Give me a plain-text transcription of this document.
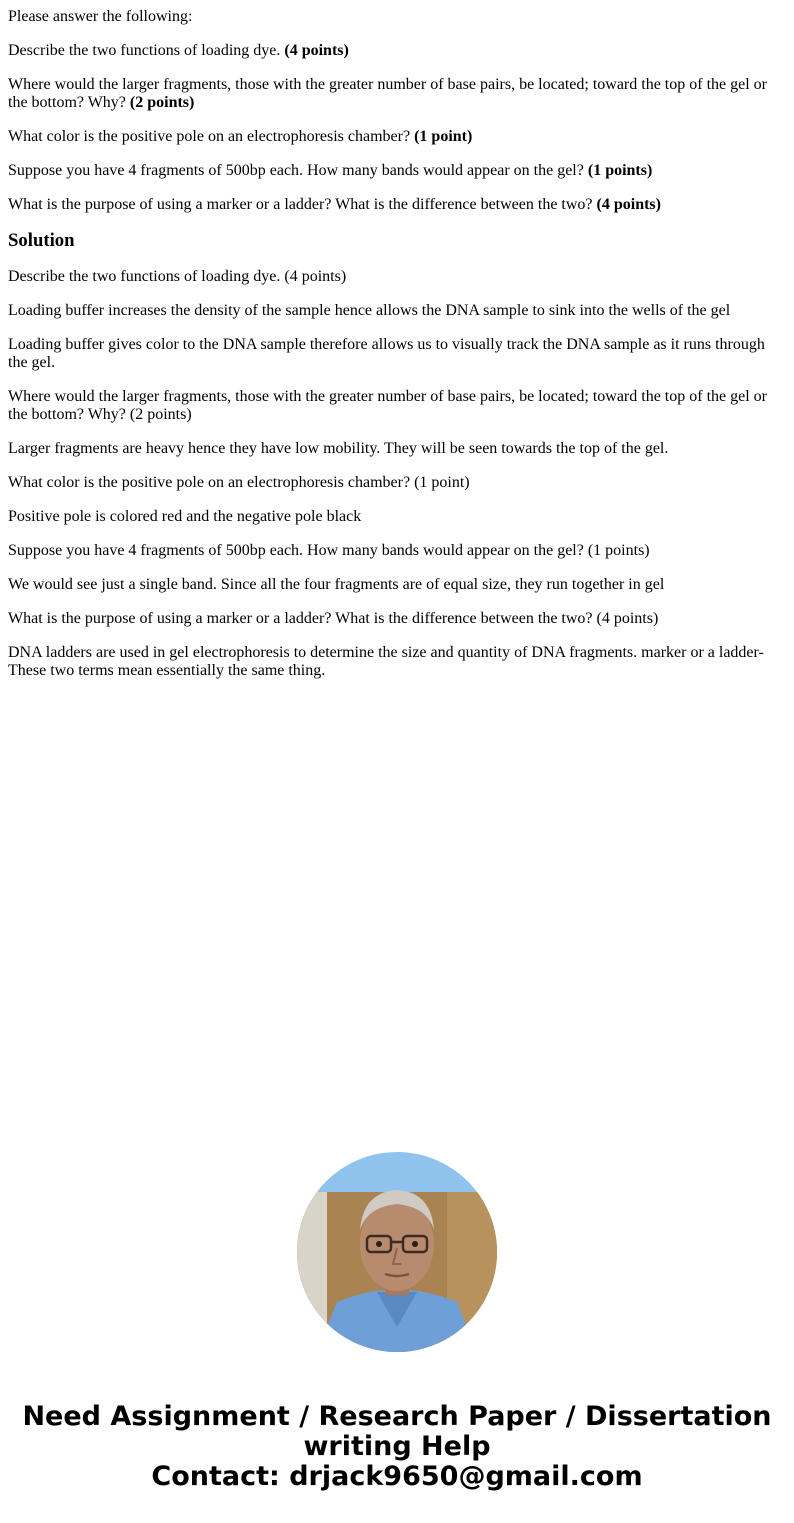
Please answer the following:

Describe the two functions of loading dye. (4 points)

Where would the larger fragments, those with the greater number of base pairs, be located; toward the top of the gel or the bottom? Why? (2 points)

What color is the positive pole on an electrophoresis chamber? (1 point)

Suppose you have 4 fragments of 500bp each. How many bands would appear on the gel? (1 points)

What is the purpose of using a marker or a ladder? What is the difference between the two? (4 points)

Solution

Describe the two functions of loading dye. (4 points)

Loading buffer increases the density of the sample hence allows the DNA sample to sink into the wells of the gel

Loading buffer gives color to the DNA sample therefore allows us to visually track the DNA sample as it runs through the gel.

Where would the larger fragments, those with the greater number of base pairs, be located; toward the top of the gel or the bottom? Why? (2 points)

Larger fragments are heavy hence they have low mobility. They will be seen towards the top of the gel.

What color is the positive pole on an electrophoresis chamber? (1 point)

Positive pole is colored red and the negative pole black

Suppose you have 4 fragments of 500bp each. How many bands would appear on the gel? (1 points)

We would see just a single band. Since all the four fragments are of equal size, they run together in gel

What is the purpose of using a marker or a ladder? What is the difference between the two? (4 points)

DNA ladders are used in gel electrophoresis to determine the size and quantity of DNA fragments. marker or a ladder-These two terms mean essentially the same thing.

Need Assignment / Research Paper / Dissertation
writing Help
Contact: drjack9650@gmail.com
